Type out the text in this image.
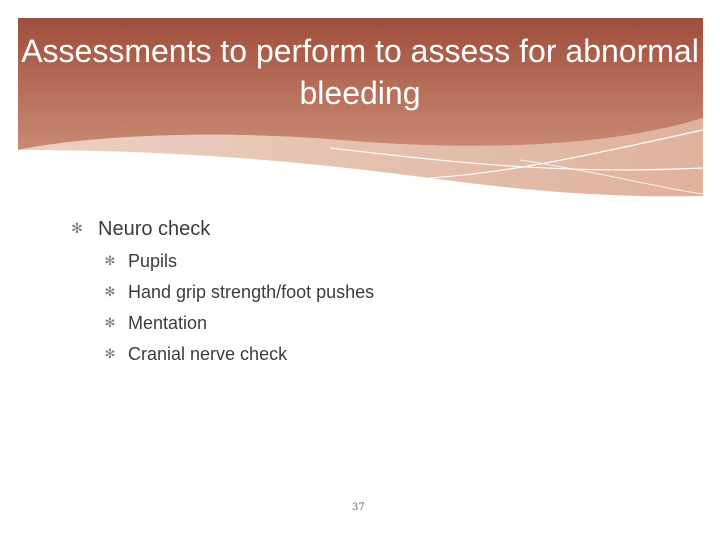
Assessments to perform to assess for abnormal bleeding
✻ Neuro check
✻ Pupils
✻ Hand grip strength/foot pushes
✻ Mentation
✻ Cranial nerve check
37
